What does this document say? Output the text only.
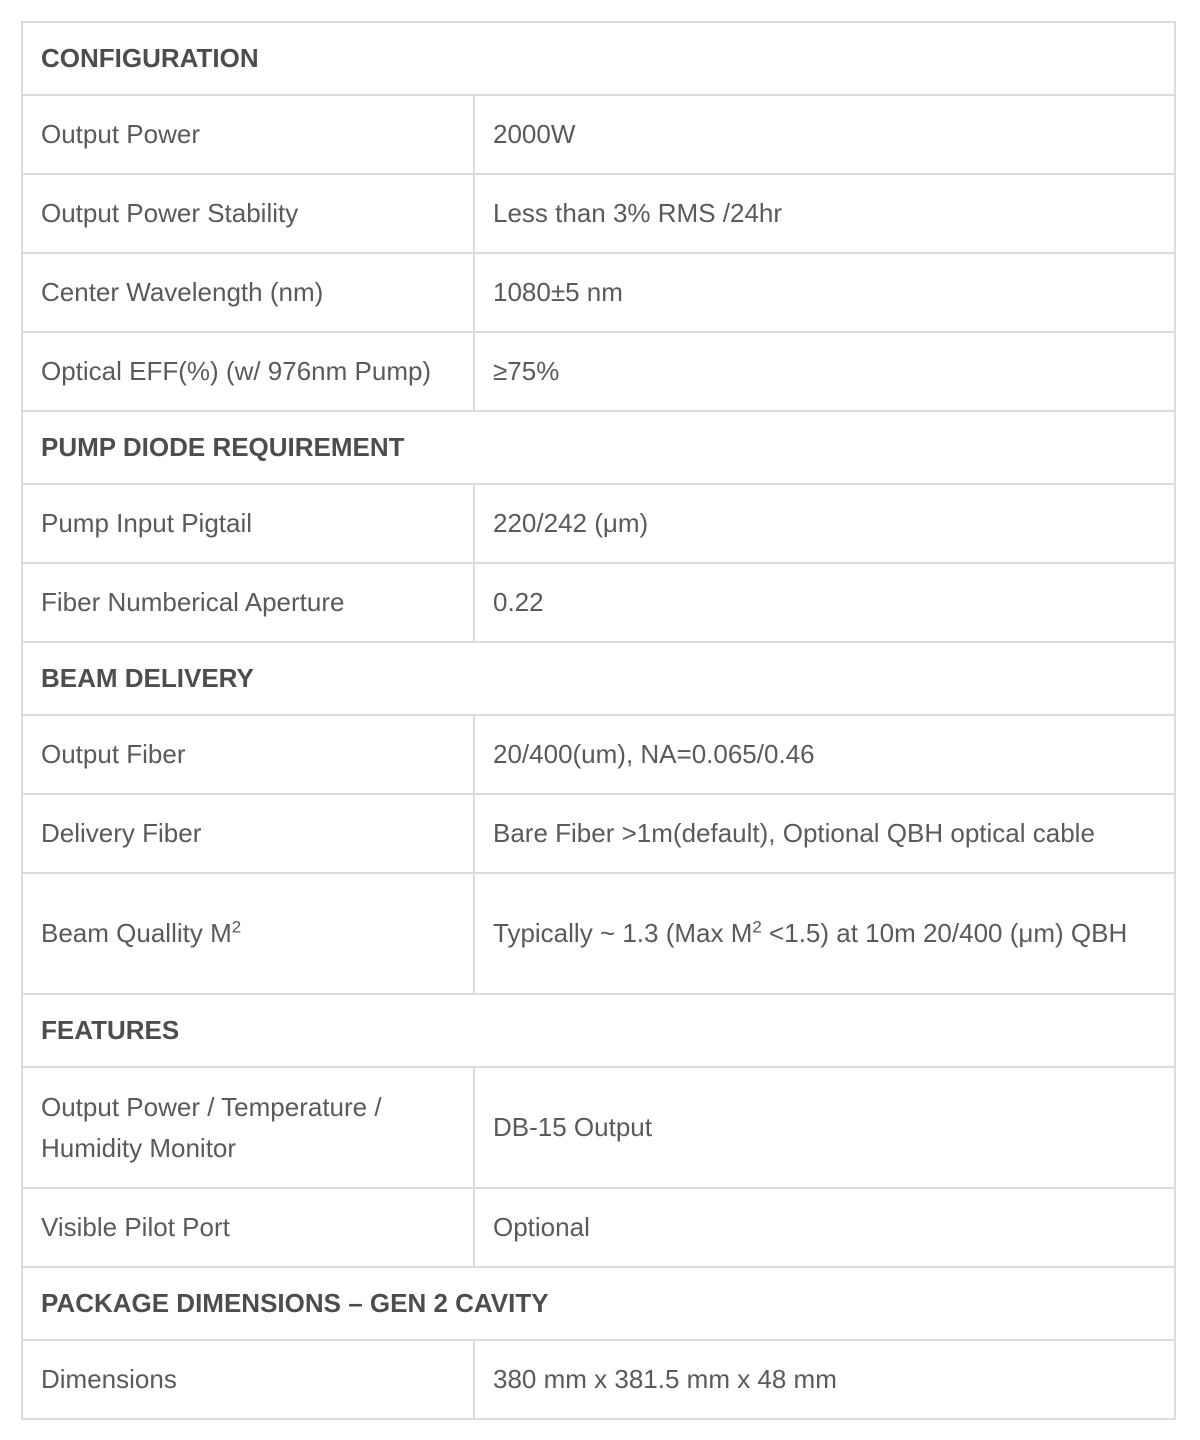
CONFIGURATION	
Output Power	2000W
Output Power Stability	Less than 3% RMS /24hr
Center Wavelength (nm)	1080±5 nm
Optical EFF(%) (w/ 976nm Pump)	≥75%
PUMP DIODE REQUIREMENT	
Pump Input Pigtail	220/242 (μm)
Fiber Numberical Aperture	0.22
BEAM DELIVERY	
Output Fiber	20/400(um), NA=0.065/0.46
Delivery Fiber	Bare Fiber >1m(default), Optional QBH optical cable
Beam Quallity $M^2$	Typically ~ 1.3 (Max $M^2 <1.5$) at 10m 20/400 (μm) QBH
FEATURES	
Output Power / Temperature / Humidity Monitor	DB-15 Output
Visible Pilot Port	Optional
PACKAGE DIMENSIONS – GEN 2 CAVITY	
Dimensions	380 mm x 381.5 mm x 48 mm
